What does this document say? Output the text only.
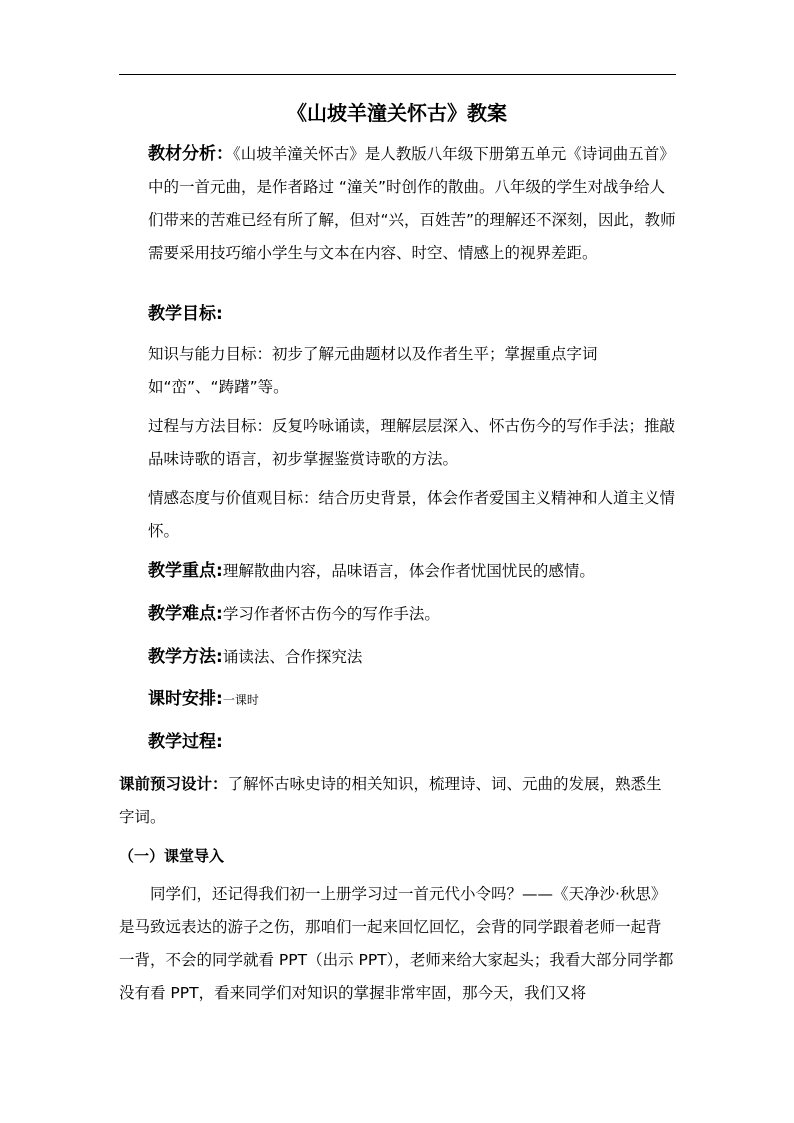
《山坡羊潼关怀古》教案
教材分析：《山坡羊潼关怀古》是人教版八年级下册第五单元《诗词曲五首》中的一首元曲，是作者路过 “潼关”时创作的散曲。八年级的学生对战争给人们带来的苦难已经有所了解，但对“兴，百姓苦”的理解还不深刻，因此，教师需要采用技巧缩小学生与文本在内容、时空、情感上的视界差距。
教学目标:
知识与能力目标：初步了解元曲题材以及作者生平；掌握重点字词如“峦”、“踌躇”等。
过程与方法目标：反复吟咏诵读，理解层层深入、怀古伤今的写作手法；推敲品味诗歌的语言，初步掌握鉴赏诗歌的方法。
情感态度与价值观目标：结合历史背景，体会作者爱国主义精神和人道主义情怀。
教学重点:理解散曲内容，品味语言，体会作者忧国忧民的感情。
教学难点:学习作者怀古伤今的写作手法。
教学方法:诵读法、合作探究法
课时安排:一课时
教学过程:
课前预习设计：了解怀古咏史诗的相关知识，梳理诗、词、元曲的发展，熟悉生字词。
（一）课堂导入

同学们，还记得我们初一上册学习过一首元代小令吗？——《天净沙·秋思》是马致远表达的游子之伤，那咱们一起来回忆回忆，会背的同学跟着老师一起背一背，不会的同学就看 PPT（出示 PPT），老师来给大家起头；我看大部分同学都没有看 PPT，看来同学们对知识的掌握非常牢固，那今天，我们又将
